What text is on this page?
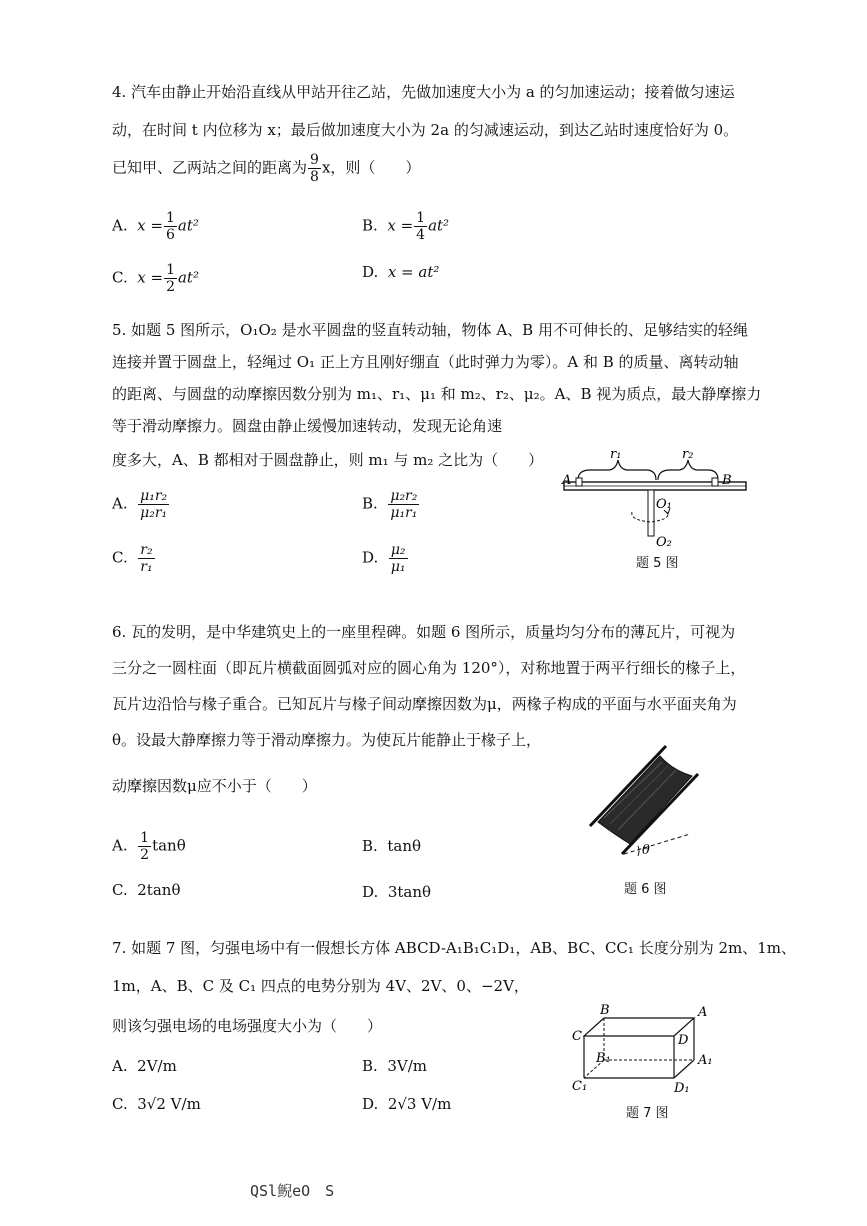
4. 汽车由静止开始沿直线从甲站开往乙站，先做加速度大小为 a 的匀加速运动；接着做匀速运
动，在时间 t 内位移为 x；最后做加速度大小为 2a 的匀减速运动，到达乙站时速度恰好为 0。
已知甲、乙两站之间的距离为 $\frac{9}{8}$ x，则（　　）
A. $x = \frac{1}{6} at^2$	B. $x = \frac{1}{4} at^2$
C. $x = \frac{1}{2} at^2$	D. x = at²
5. 如题 5 图所示，O₁O₂ 是水平圆盘的竖直转动轴，物体 A、B 用不可伸长的、足够结实的轻绳
连接并置于圆盘上，轻绳过 O₁ 正上方且刚好绷直（此时弹力为零）。A 和 B 的质量、离转动轴
的距离、与圆盘的动摩擦因数分别为 m₁、r₁、μ₁ 和 m₂、r₂、μ₂。A、B 视为质点，最大静摩擦力
等于滑动摩擦力。圆盘由静止缓慢加速转动，发现无论角速
度多大，A、B 都相对于圆盘静止，则 m₁ 与 m₂ 之比为（　　）
A. $\frac{\text{μ₁r₂}}{\text{μ₂r₁}}$	B. $\frac{\text{μ₂r₂}}{\text{μ₁r₁}}$
C. $\frac{\text{r₂}}{\text{r₁}}$	D. $\frac{\text{μ₂}}{\text{μ₁}}$
r₁	r₂
A	B
O₁
O₂
题 5 图
6. 瓦的发明，是中华建筑史上的一座里程碑。如题 6 图所示，质量均匀分布的薄瓦片，可视为
三分之一圆柱面（即瓦片横截面圆弧对应的圆心角为 120°），对称地置于两平行细长的椽子上，
瓦片边沿恰与椽子重合。已知瓦片与椽子间动摩擦因数为μ，两椽子构成的平面与水平面夹角为
θ。设最大静摩擦力等于滑动摩擦力。为使瓦片能静止于椽子上，
动摩擦因数μ应不小于（　　）
A. $\frac{1}{2}$ tanθ	B. tanθ
C. 2tanθ	D. 3tanθ
θ
题 6 图
7. 如题 7 图，匀强电场中有一假想长方体 ABCD-A₁B₁C₁D₁，AB、BC、CC₁ 长度分别为 2m、1m、
1m，A、B、C 及 C₁ 四点的电势分别为 4V、2V、0、−2V，
则该匀强电场的电场强度大小为（　　）
A. 2V/m	B. 3V/m
C. 3√2 V/m	D. 2√3 V/m
B	A
C	D
B₁	A₁
C₁	D₁
题 7 图
QSl鲵eO　S
